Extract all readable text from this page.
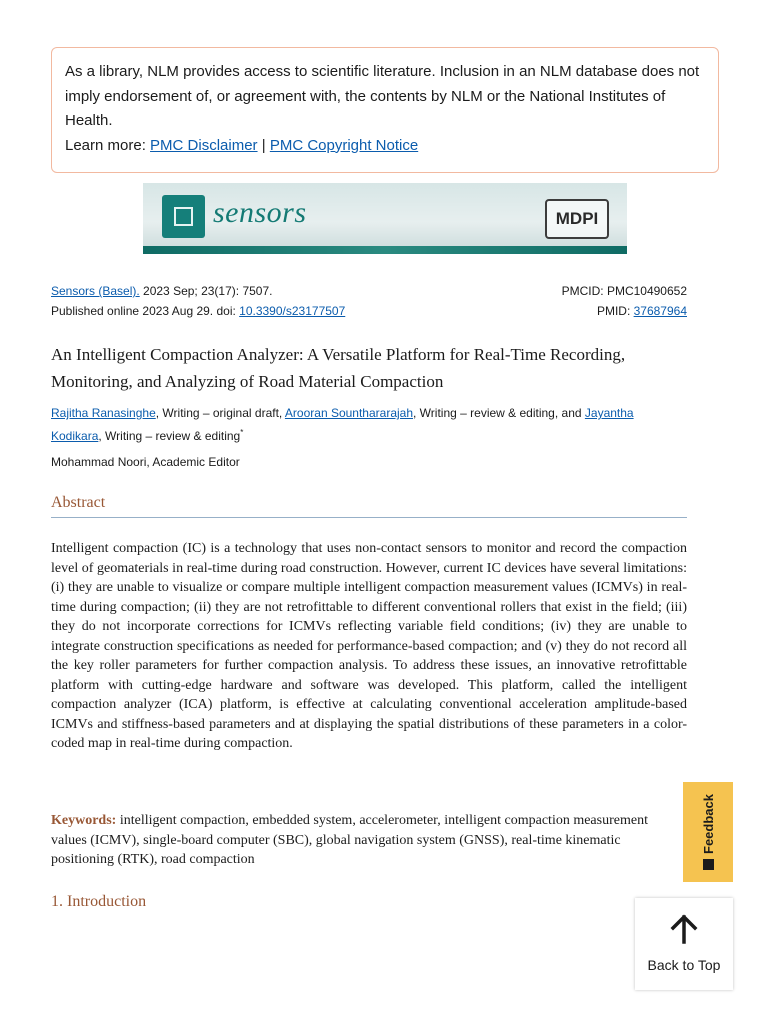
As a library, NLM provides access to scientific literature. Inclusion in an NLM database does not imply endorsement of, or agreement with, the contents by NLM or the National Institutes of Health.
Learn more: PMC Disclaimer | PMC Copyright Notice
sensors	MDPI
Sensors (Basel). 2023 Sep; 23(17): 7507.	PMCID: PMC10490652
Published online 2023 Aug 29. doi: 10.3390/s23177507	PMID: 37687964
An Intelligent Compaction Analyzer: A Versatile Platform for Real-Time Recording, Monitoring, and Analyzing of Road Material Compaction
Rajitha Ranasinghe, Writing – original draft, Arooran Sounthararajah, Writing – review & editing, and Jayantha Kodikara, Writing – review & editing*
Mohammad Noori, Academic Editor
Abstract
Intelligent compaction (IC) is a technology that uses non-contact sensors to monitor and record the compaction level of geomaterials in real-time during road construction. However, current IC devices have several limitations: (i) they are unable to visualize or compare multiple intelligent compaction measurement values (ICMVs) in real-time during compaction; (ii) they are not retrofittable to different conventional rollers that exist in the field; (iii) they do not incorporate corrections for ICMVs reflecting variable field conditions; (iv) they are unable to integrate construction specifications as needed for performance-based compaction; and (v) they do not record all the key roller parameters for further compaction analysis. To address these issues, an innovative retrofittable platform with cutting-edge hardware and software was developed. This platform, called the intelligent compaction analyzer (ICA) platform, is effective at calculating conventional acceleration amplitude-based ICMVs and stiffness-based parameters and at displaying the spatial distributions of these parameters in a color-coded map in real-time during compaction.
Keywords: intelligent compaction, embedded system, accelerometer, intelligent compaction measurement values (ICMV), single-board computer (SBC), global navigation system (GNSS), real-time kinematic positioning (RTK), road compaction
1. Introduction
Feedback
Back to Top
